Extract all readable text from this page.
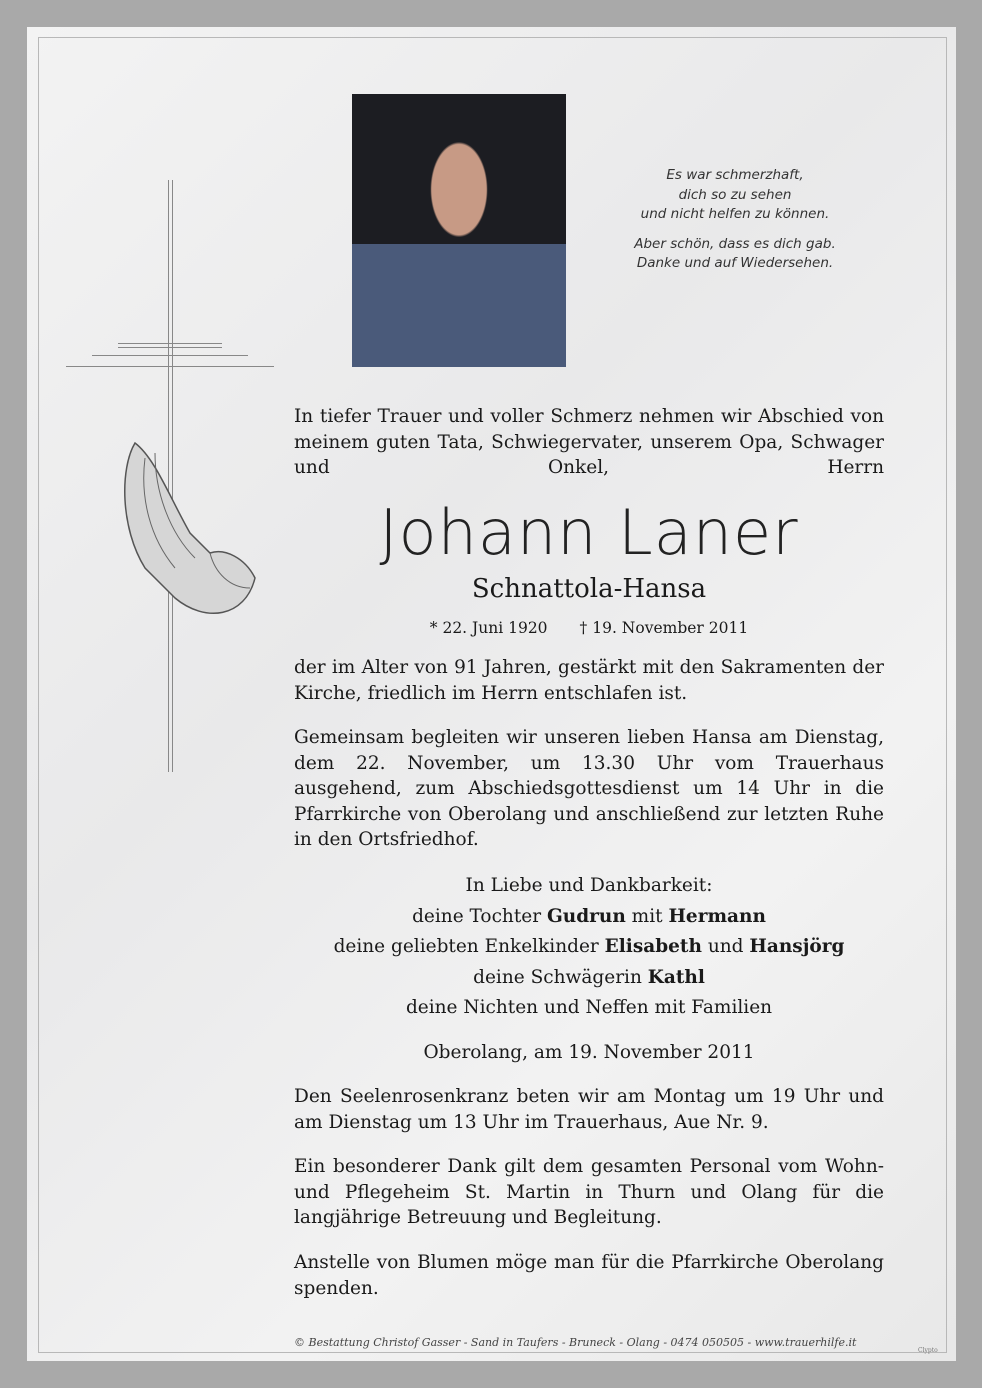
Es war schmerzhaft,
dich so zu sehen
und nicht helfen zu können.

Aber schön, dass es dich gab.
Danke und auf Wiedersehen.

In tiefer Trauer und voller Schmerz nehmen wir Abschied von meinem guten Tata, Schwiegervater, unserem Opa, Schwager und Onkel, Herrn
Johann Laner
Schnattola-Hansa
* 22. Juni 1920 † 19. November 2011
der im Alter von 91 Jahren, gestärkt mit den Sakramenten der Kirche, friedlich im Herrn entschlafen ist.
Gemeinsam begleiten wir unseren lieben Hansa am Dienstag, dem 22. November, um 13.30 Uhr vom Trauerhaus ausgehend, zum Abschiedsgottesdienst um 14 Uhr in die Pfarrkirche von Oberolang und anschließend zur letzten Ruhe in den Ortsfriedhof.

In Liebe und Dankbarkeit:

deine Tochter Gudrun mit Hermann

deine geliebten Enkelkinder Elisabeth und Hansjörg

deine Schwägerin Kathl

deine Nichten und Neffen mit Familien

Oberolang, am 19. November 2011
Den Seelenrosenkranz beten wir am Montag um 19 Uhr und am Dienstag um 13 Uhr im Trauerhaus, Aue Nr. 9.
Ein besonderer Dank gilt dem gesamten Personal vom Wohn- und Pflegeheim St. Martin in Thurn und Olang für die langjährige Betreuung und Begleitung.
Anstelle von Blumen möge man für die Pfarrkirche Oberolang spenden.
© Bestattung Christof Gasser - Sand in Taufers - Bruneck - Olang - 0474 050505 - www.trauerhilfe.it
Clypto
